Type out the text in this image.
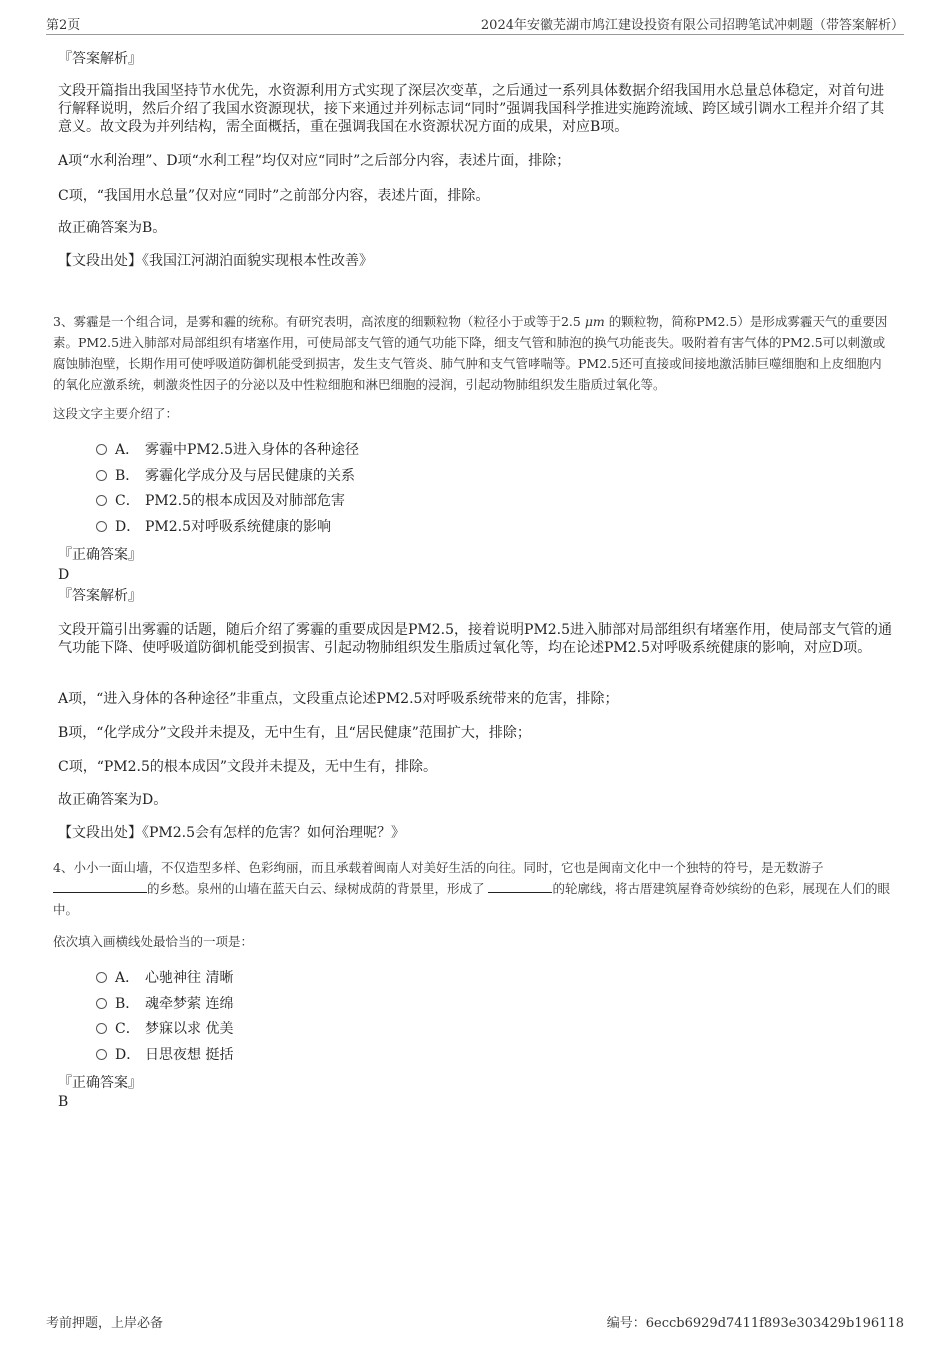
第2页	2024年安徽芜湖市鸠江建设投资有限公司招聘笔试冲刺题（带答案解析）
『答案解析』
文段开篇指出我国坚持节水优先，水资源利用方式实现了深层次变革，之后通过一系列具体数据介绍我国用水总量总体稳定，对首句进行解释说明，然后介绍了我国水资源现状，接下来通过并列标志词“同时”强调我国科学推进实施跨流域、跨区域引调水工程并介绍了其意义。故文段为并列结构，需全面概括，重在强调我国在水资源状况方面的成果，对应B项。
A项“水利治理”、D项“水利工程”均仅对应“同时”之后部分内容，表述片面，排除；
C项，“我国用水总量”仅对应“同时”之前部分内容，表述片面，排除。
故正确答案为B。
【文段出处】《我国江河湖泊面貌实现根本性改善》
3、雾霾是一个组合词，是雾和霾的统称。有研究表明，高浓度的细颗粒物（粒径小于或等于2.5 μm 的颗粒物，简称PM2.5）是形成雾霾天气的重要因素。PM2.5进入肺部对局部组织有堵塞作用，可使局部支气管的通气功能下降，细支气管和肺泡的换气功能丧失。吸附着有害气体的PM2.5可以刺激或腐蚀肺泡壁，长期作用可使呼吸道防御机能受到损害，发生支气管炎、肺气肿和支气管哮喘等。PM2.5还可直接或间接地激活肺巨噬细胞和上皮细胞内的氧化应激系统，刺激炎性因子的分泌以及中性粒细胞和淋巴细胞的浸润，引起动物肺组织发生脂质过氧化等。
这段文字主要介绍了：
A． 雾霾中PM2.5进入身体的各种途径
B． 雾霾化学成分及与居民健康的关系
C． PM2.5的根本成因及对肺部危害
D． PM2.5对呼吸系统健康的影响
『正确答案』
D
『答案解析』
文段开篇引出雾霾的话题，随后介绍了雾霾的重要成因是PM2.5，接着说明PM2.5进入肺部对局部组织有堵塞作用，使局部支气管的通气功能下降、使呼吸道防御机能受到损害、引起动物肺组织发生脂质过氧化等，均在论述PM2.5对呼吸系统健康的影响，对应D项。
A项，“进入身体的各种途径”非重点，文段重点论述PM2.5对呼吸系统带来的危害，排除；
B项，“化学成分”文段并未提及，无中生有，且“居民健康”范围扩大，排除；
C项，“PM2.5的根本成因”文段并未提及，无中生有，排除。
故正确答案为D。
【文段出处】《PM2.5会有怎样的危害？如何治理呢？》
4、小小一面山墙，不仅造型多样、色彩绚丽，而且承载着闽南人对美好生活的向往。同时，它也是闽南文化中一个独特的符号，是无数游子的乡愁。泉州的山墙在蓝天白云、绿树成荫的背景里，形成了	的轮廓线，将古厝建筑屋脊奇妙缤纷的色彩，展现在人们的眼中。
依次填入画横线处最恰当的一项是：
A． 心驰神往 清晰
B． 魂牵梦萦 连绵
C． 梦寐以求 优美
D． 日思夜想 挺括
『正确答案』
B
考前押题，上岸必备	编号：6eccb6929d7411f893e303429b196118
